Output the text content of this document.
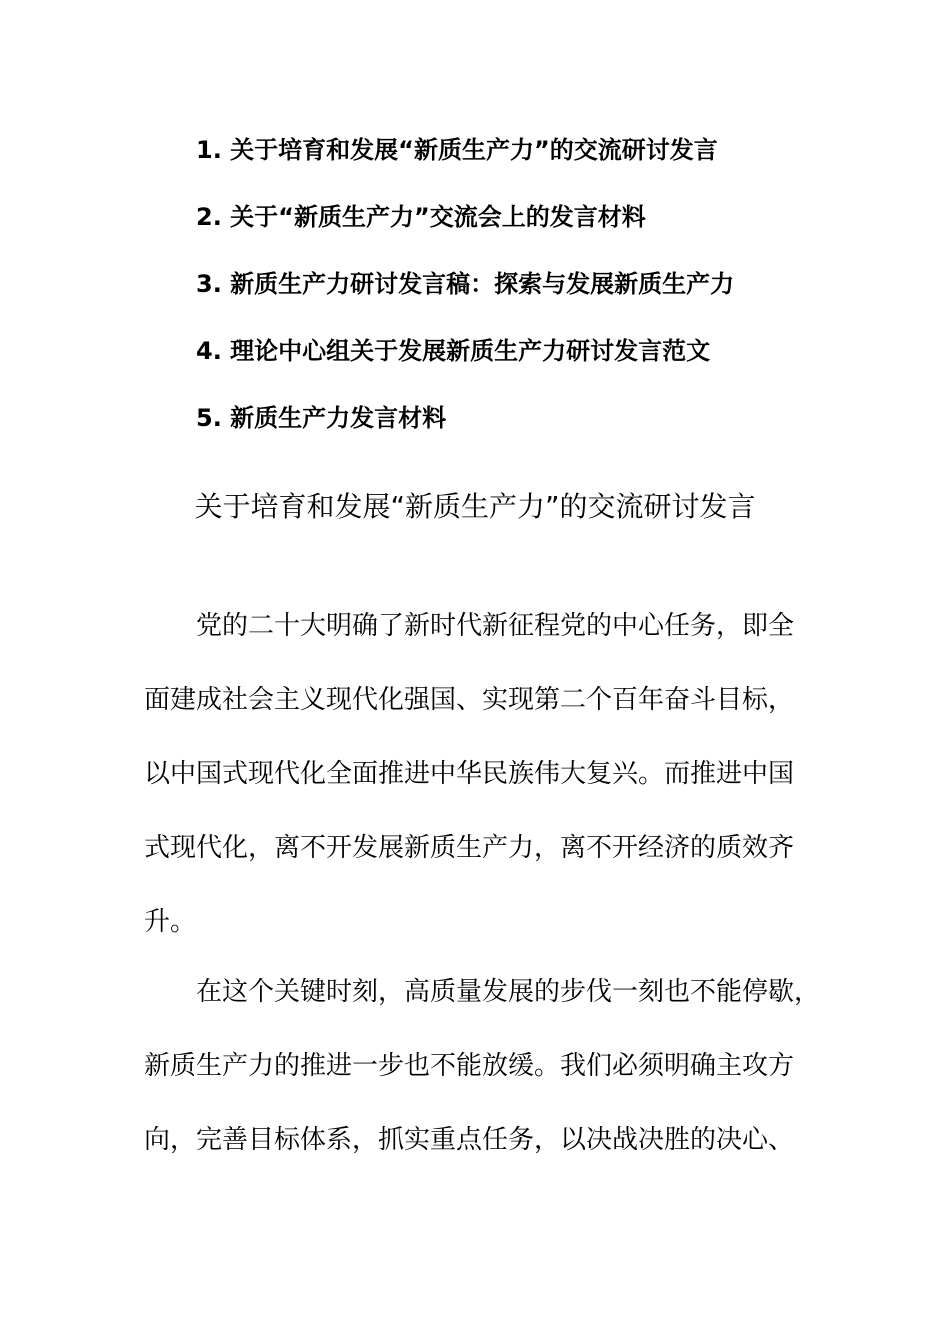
1. 关于培育和发展“新质生产力”的交流研讨发言
2. 关于“新质生产力”交流会上的发言材料
3. 新质生产力研讨发言稿：探索与发展新质生产力
4. 理论中心组关于发展新质生产力研讨发言范文
5. 新质生产力发言材料
关于培育和发展“新质生产力”的交流研讨发言
党的二十大明确了新时代新征程党的中心任务，即全
面建成社会主义现代化强国、实现第二个百年奋斗目标，
以中国式现代化全面推进中华民族伟大复兴。而推进中国
式现代化，离不开发展新质生产力，离不开经济的质效齐
升。
在这个关键时刻，高质量发展的步伐一刻也不能停歇，
新质生产力的推进一步也不能放缓。我们必须明确主攻方
向，完善目标体系，抓实重点任务，以决战决胜的决心、
